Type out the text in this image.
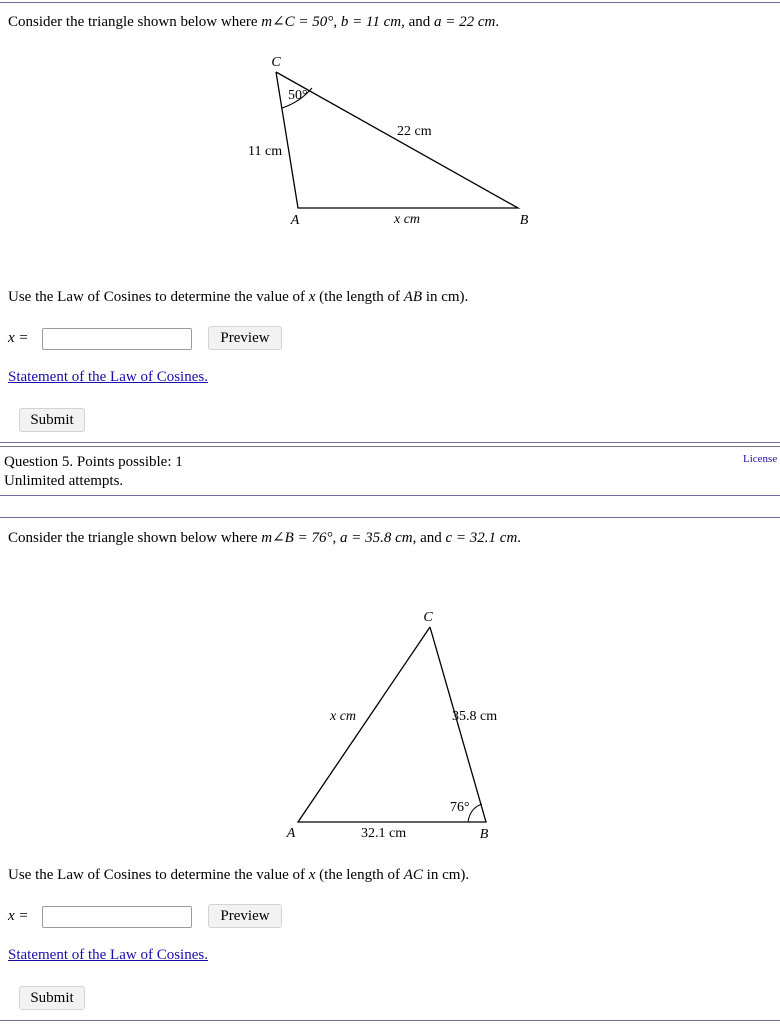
Consider the triangle shown below where m∠C = 50°, b = 11 cm, and a = 22 cm.
C
A	B
50°
11 cm
22 cm
x cm
Use the Law of Cosines to determine the value of x (the length of AB in cm).
x =	Preview
Statement of the Law of Cosines.
Submit
Question 5. Points possible: 1
Unlimited attempts.
License
Consider the triangle shown below where m∠B = 76°, a = 35.8 cm, and c = 32.1 cm.
C
A	B
76°
35.8 cm
32.1 cm
x cm
Use the Law of Cosines to determine the value of x (the length of AC in cm).
x =	Preview
Statement of the Law of Cosines.
Submit
